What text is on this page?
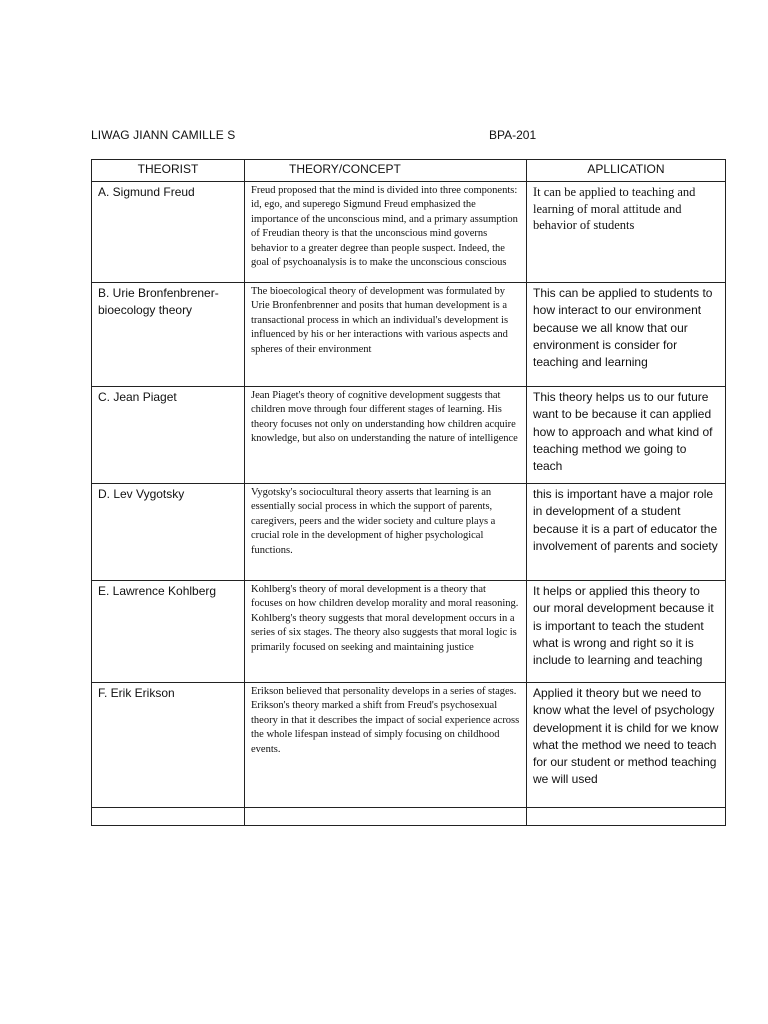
LIWAG JIANN CAMILLE S	BPA-201
THEORIST	THEORY/CONCEPT	APLLICATION
A. Sigmund Freud	Freud proposed that the mind is divided into three components: id, ego, and superego Sigmund Freud emphasized the importance of the unconscious mind, and a primary assumption of Freudian theory is that the unconscious mind governs behavior to a greater degree than people suspect. Indeed, the goal of psychoanalysis is to make the unconscious conscious	It can be applied to teaching and learning of moral attitude and behavior of students
B. Urie Bronfenbrener- bioecology theory	The bioecological theory of development was formulated by Urie Bronfenbrenner and posits that human development is a transactional process in which an individual's development is influenced by his or her interactions with various aspects and spheres of their environment	This can be applied to students to how interact to our environment because we all know that our environment is consider for teaching and learning
C. Jean Piaget	Jean Piaget's theory of cognitive development suggests that children move through four different stages of learning. His theory focuses not only on understanding how children acquire knowledge, but also on understanding the nature of intelligence	This theory helps us to our future want to be because it can applied how to approach and what kind of teaching method we going to teach
D. Lev Vygotsky	Vygotsky's sociocultural theory asserts that learning is an essentially social process in which the support of parents, caregivers, peers and the wider society and culture plays a crucial role in the development of higher psychological functions.	this is important have a major role in development of a student because it is a part of educator the involvement of parents and society
E. Lawrence Kohlberg	Kohlberg's theory of moral development is a theory that focuses on how children develop morality and moral reasoning. Kohlberg's theory suggests that moral development occurs in a series of six stages. The theory also suggests that moral logic is primarily focused on seeking and maintaining justice	It helps or applied this theory to our moral development because it is important to teach the student what is wrong and right so it is include to learning and teaching
F. Erik Erikson	Erikson believed that personality develops in a series of stages. Erikson's theory marked a shift from Freud's psychosexual theory in that it describes the impact of social experience across the whole lifespan instead of simply focusing on childhood events.	Applied it theory but we need to know what the level of psychology development it is child for we know what the method we need to teach for our student or method teaching we will used
